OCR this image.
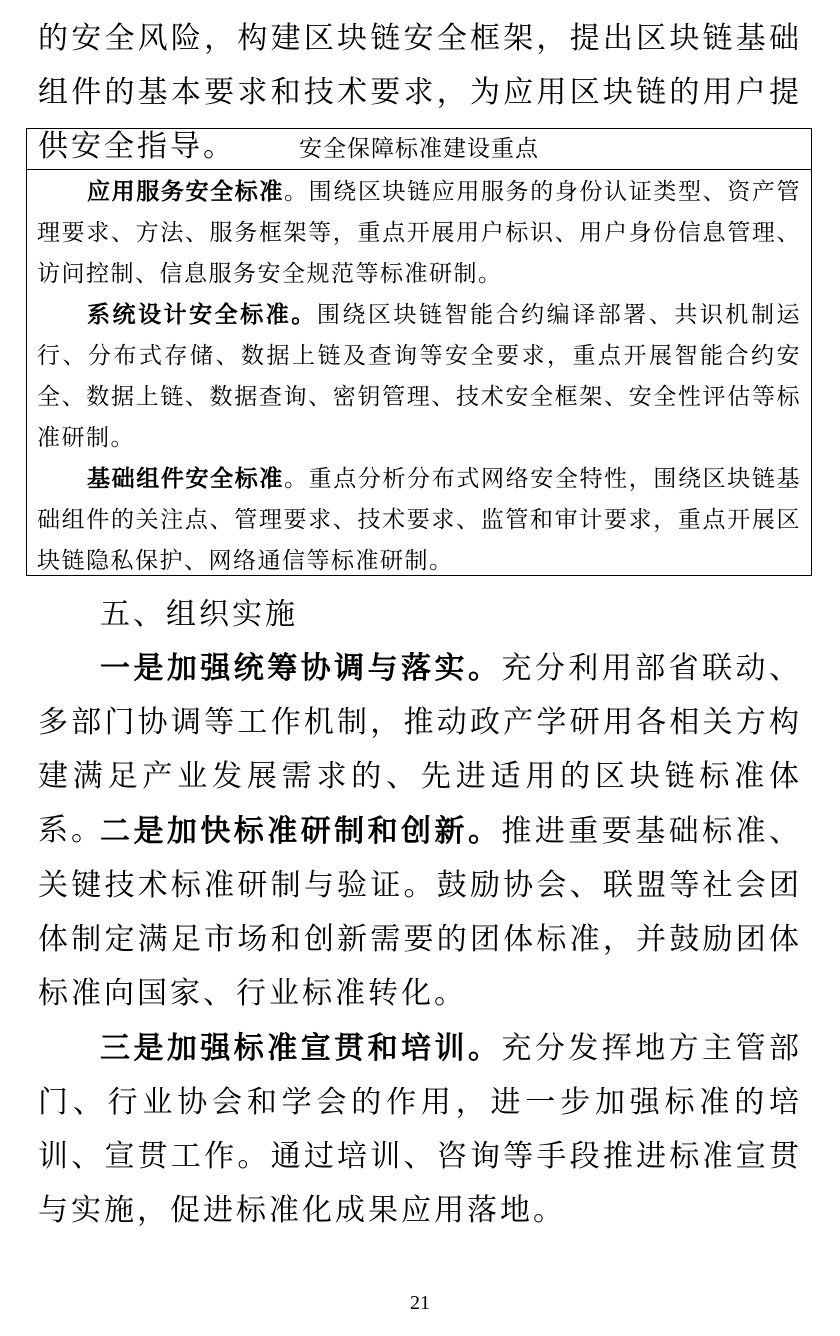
的安全风险，构建区块链安全框架，提出区块链基础组件的基本要求和技术要求，为应用区块链的用户提供安全指导。	安全保障标准建设重点

应用服务安全标准。围绕区块链应用服务的身份认证类型、资产管理要求、方法、服务框架等，重点开展用户标识、用户身份信息管理、访问控制、信息服务安全规范等标准研制。

系统设计安全标准。围绕区块链智能合约编译部署、共识机制运行、分布式存储、数据上链及查询等安全要求，重点开展智能合约安全、数据上链、数据查询、密钥管理、技术安全框架、安全性评估等标准研制。

基础组件安全标准。重点分析分布式网络安全特性，围绕区块链基础组件的关注点、管理要求、技术要求、监管和审计要求，重点开展区块链隐私保护、网络通信等标准研制。

五、组织实施

一是加强统筹协调与落实。充分利用部省联动、多部门协调等工作机制，推动政产学研用各相关方构建满足产业发展需求的、先进适用的区块链标准体系。

二是加快标准研制和创新。推进重要基础标准、关键技术标准研制与验证。鼓励协会、联盟等社会团体制定满足市场和创新需要的团体标准，并鼓励团体标准向国家、行业标准转化。

三是加强标准宣贯和培训。充分发挥地方主管部门、行业协会和学会的作用，进一步加强标准的培训、宣贯工作。通过培训、咨询等手段推进标准宣贯与实施，促进标准化成果应用落地。

21
